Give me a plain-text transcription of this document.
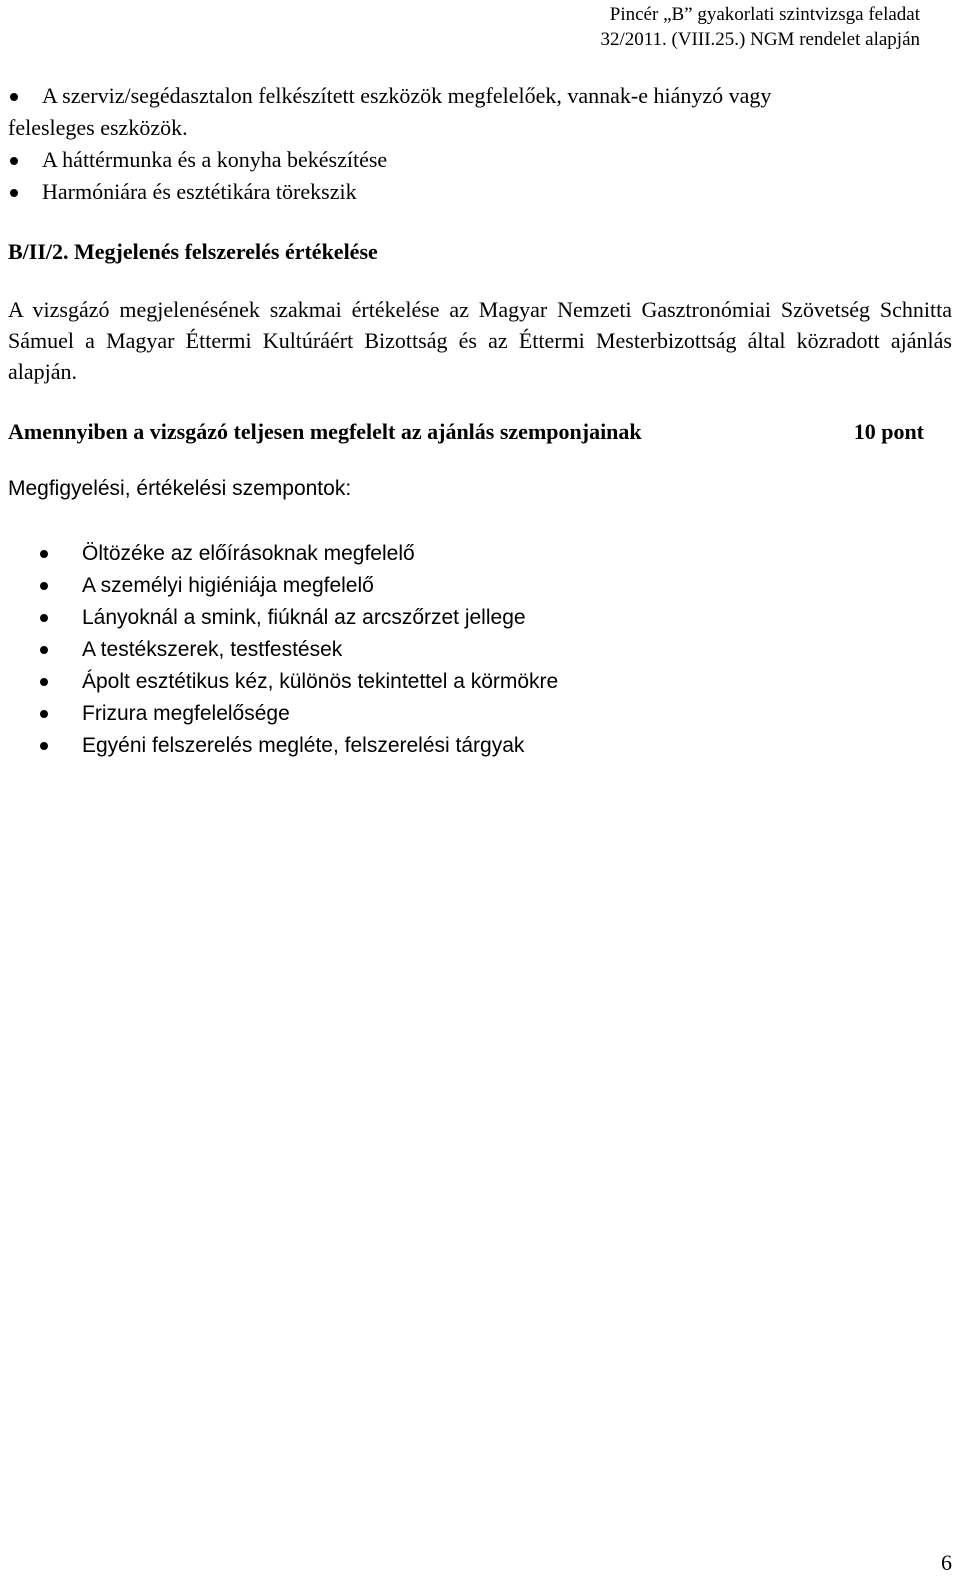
Pincér „B” gyakorlati szintvizsga feladat
32/2011. (VIII.25.) NGM rendelet alapján
A szerviz/segédasztalon felkészített eszközök megfelelőek, vannak-e hiányzó vagy
felesleges eszközök.
A háttérmunka és a konyha bekészítése
Harmóniára és esztétikára törekszik
B/II/2. Megjelenés felszerelés értékelése

A vizsgázó megjelenésének szakmai értékelése az Magyar Nemzeti Gasztronómiai Szövetség Schnitta Sámuel a Magyar Éttermi Kultúráért Bizottság és az Éttermi Mesterbizottság által közradott ajánlás alapján.

Amennyiben a vizsgázó teljesen megfelelt az ajánlás szemponjainak	10 pont

Megfigyelési, értékelési szempontok:

Öltözéke az előírásoknak megfelelő
A személyi higiéniája megfelelő
Lányoknál a smink, fiúknál az arcszőrzet jellege
A testékszerek, testfestések
Ápolt esztétikus kéz, különös tekintettel a körmökre
Frizura megfelelősége
Egyéni felszerelés megléte, felszerelési tárgyak
6
